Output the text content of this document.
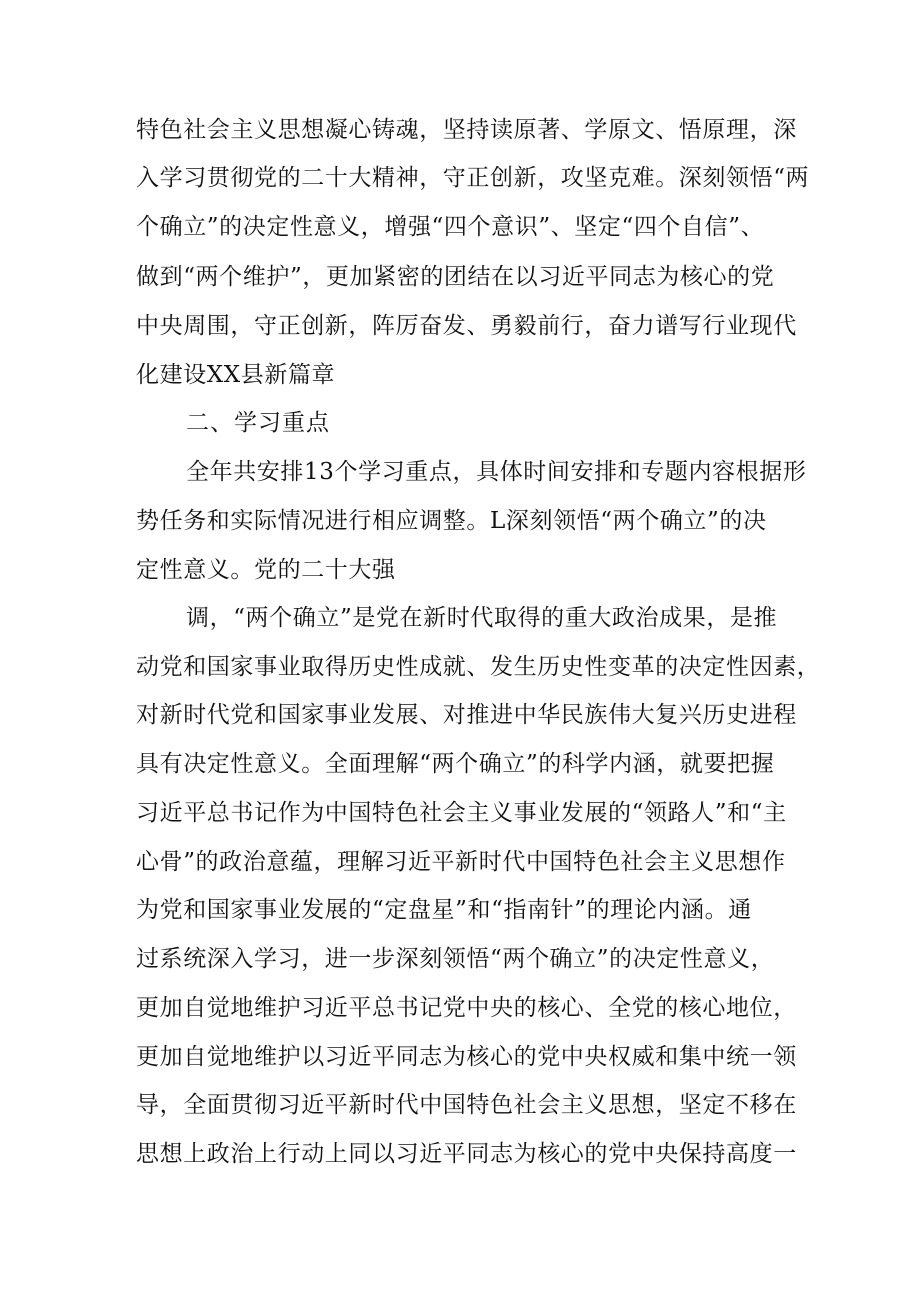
特色社会主义思想凝心铸魂，坚持读原著、学原文、悟原理，深
入学习贯彻党的二十大精神，守正创新，攻坚克难。深刻领悟“两
个确立”的决定性意义，增强“四个意识”、坚定“四个自信”、
做到“两个维护”，更加紧密的团结在以习近平同志为核心的党
中央周围，守正创新，阵厉奋发、勇毅前行，奋力谱写行业现代
化建设XX县新篇章
二、学习重点
全年共安排13个学习重点，具体时间安排和专题内容根据形
势任务和实际情况进行相应调整。L深刻领悟“两个确立”的决
定性意义。党的二十大强
调，“两个确立”是党在新时代取得的重大政治成果，是推
动党和国家事业取得历史性成就、发生历史性变革的决定性因素，
对新时代党和国家事业发展、对推进中华民族伟大复兴历史进程
具有决定性意义。全面理解“两个确立”的科学内涵，就要把握
习近平总书记作为中国特色社会主义事业发展的“领路人”和“主
心骨”的政治意蕴，理解习近平新时代中国特色社会主义思想作
为党和国家事业发展的“定盘星”和“指南针”的理论内涵。通
过系统深入学习，进一步深刻领悟“两个确立”的决定性意义，
更加自觉地维护习近平总书记党中央的核心、全党的核心地位，
更加自觉地维护以习近平同志为核心的党中央权威和集中统一领
导，全面贯彻习近平新时代中国特色社会主义思想，坚定不移在
思想上政治上行动上同以习近平同志为核心的党中央保持高度一
